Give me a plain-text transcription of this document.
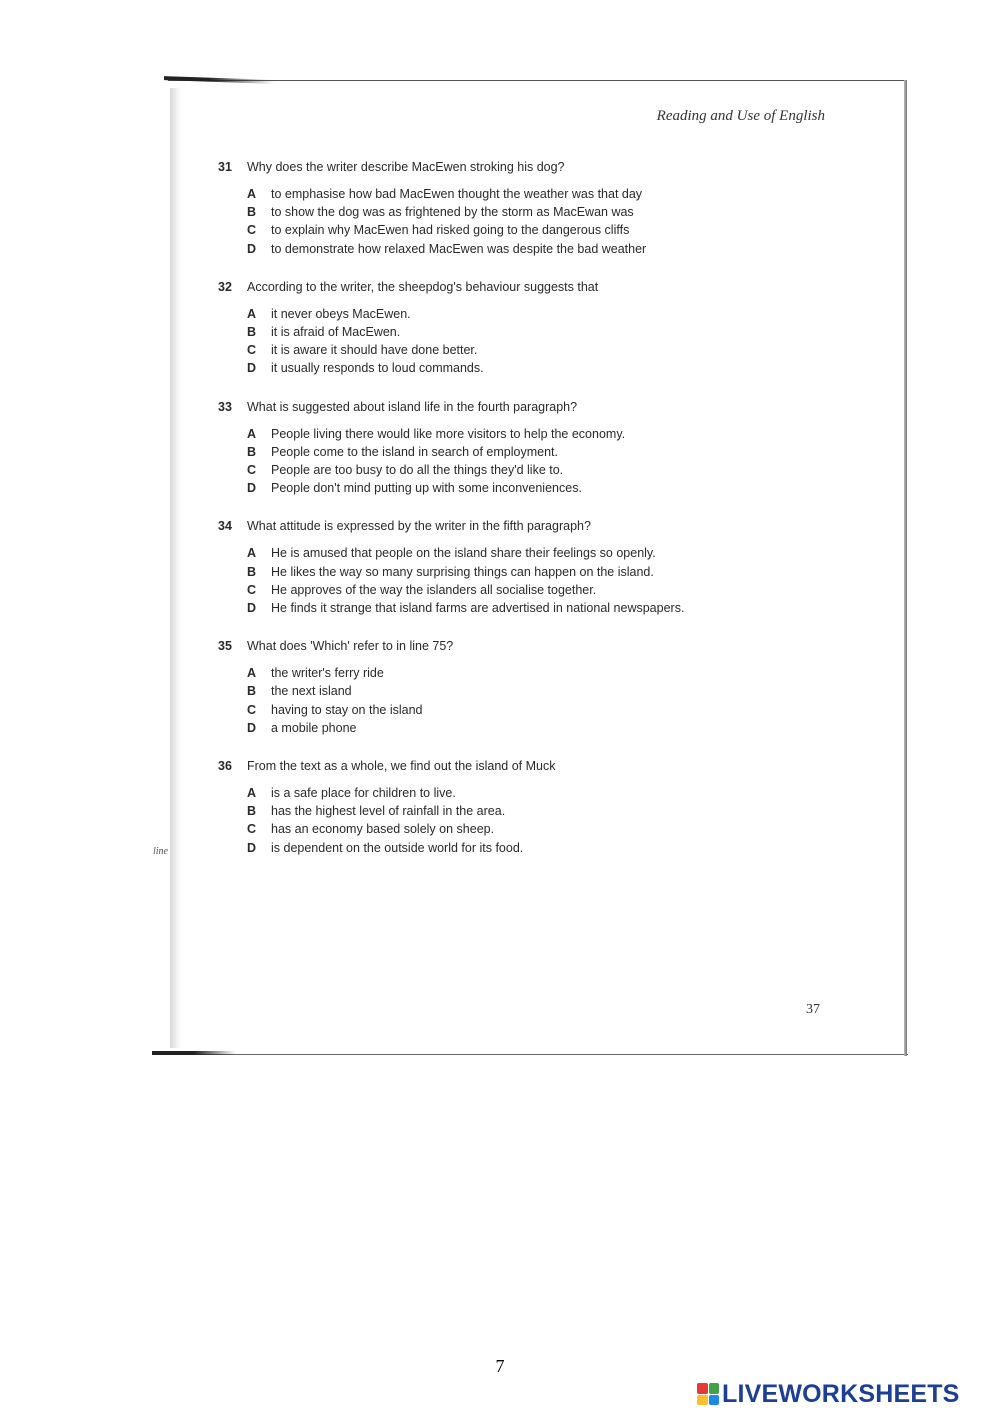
Reading and Use of English
line
31	Why does the writer describe MacEwen stroking his dog?
A	to emphasise how bad MacEwen thought the weather was that day
B	to show the dog was as frightened by the storm as MacEwan was
C	to explain why MacEwen had risked going to the dangerous cliffs
D	to demonstrate how relaxed MacEwen was despite the bad weather
32	According to the writer, the sheepdog's behaviour suggests that
A	it never obeys MacEwen.
B	it is afraid of MacEwen.
C	it is aware it should have done better.
D	it usually responds to loud commands.
33	What is suggested about island life in the fourth paragraph?
A	People living there would like more visitors to help the economy.
B	People come to the island in search of employment.
C	People are too busy to do all the things they'd like to.
D	People don't mind putting up with some inconveniences.
34	What attitude is expressed by the writer in the fifth paragraph?
A	He is amused that people on the island share their feelings so openly.
B	He likes the way so many surprising things can happen on the island.
C	He approves of the way the islanders all socialise together.
D	He finds it strange that island farms are advertised in national newspapers.
35	What does 'Which' refer to in line 75?
A	the writer's ferry ride
B	the next island
C	having to stay on the island
D	a mobile phone
36	From the text as a whole, we find out the island of Muck
A	is a safe place for children to live.
B	has the highest level of rainfall in the area.
C	has an economy based solely on sheep.
D	is dependent on the outside world for its food.
37
7
LIVEWORKSHEETS
